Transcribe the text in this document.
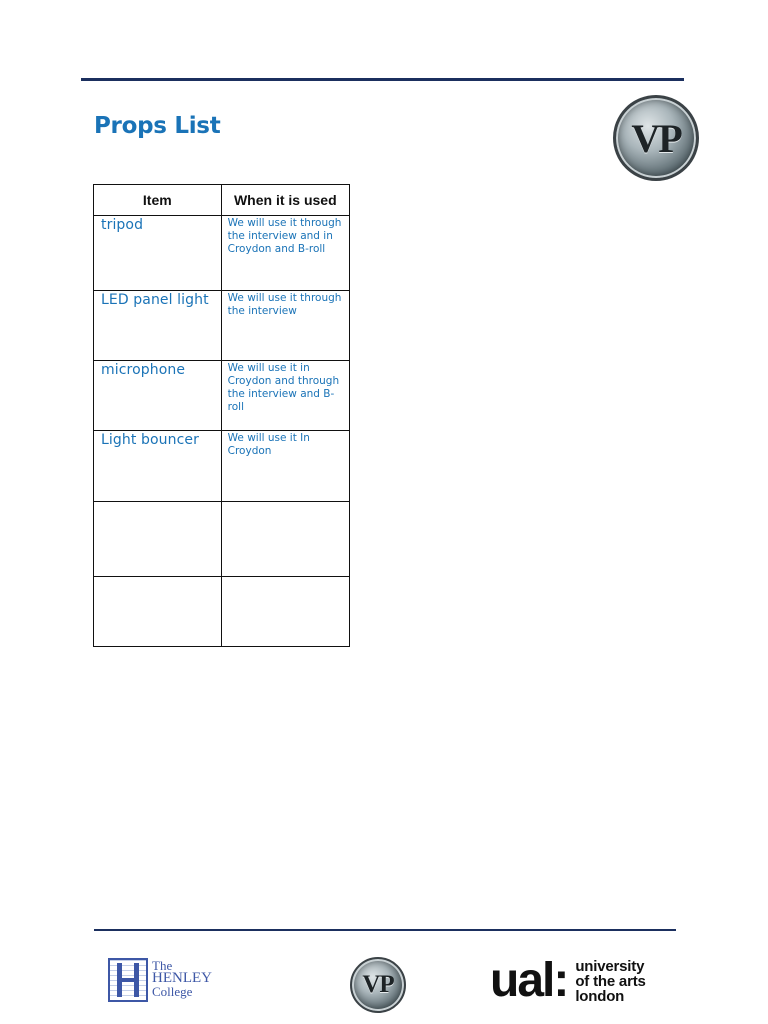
Props List	VP
Item	When it is used
tripod	We will use it through the interview and in Croydon and B-roll
LED panel light	We will use it through the interview
microphone	We will use it in Croydon and through the interview and B-roll
Light bouncer	We will use it In Croydon

The
HENLEY
College	VP ual: university
of the arts
london
